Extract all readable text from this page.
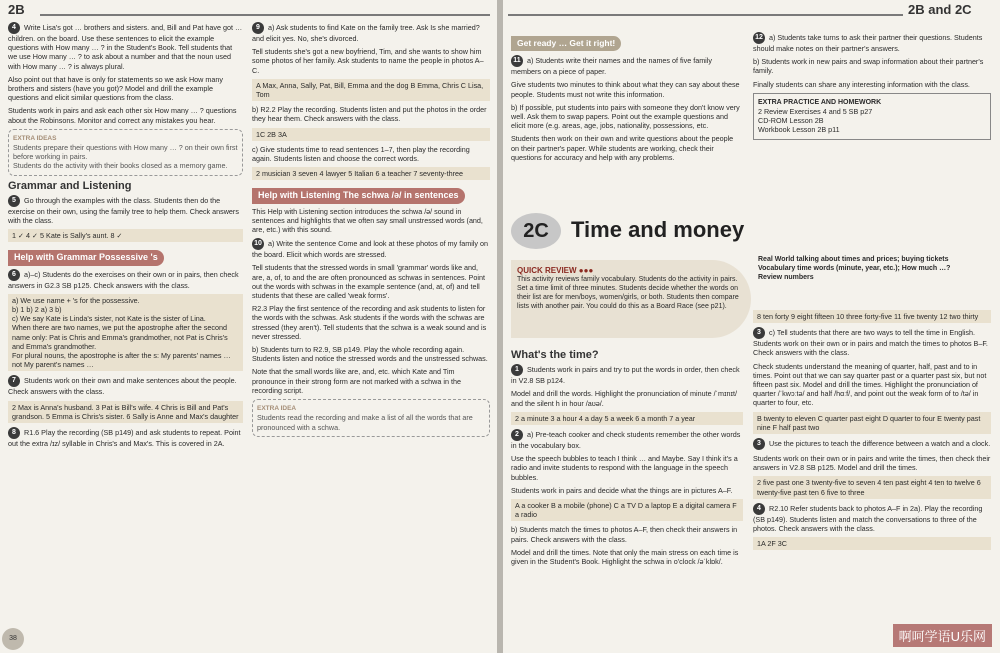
2B

4 Write Lisa's got … brothers and sisters. and, Bill and Pat have got … children. on the board. Use these sentences to elicit the example questions with How many … ? in the Student's Book. Tell students that we use How many … ? to ask about a number and that the noun used with How many … ? is always plural.

Also point out that have is only for statements so we ask How many brothers and sisters (have you got)? Model and drill the example questions and elicit similar questions from the class.

Students work in pairs and ask each other six How many … ? questions about the Robinsons. Monitor and correct any mistakes you hear.

EXTRA IDEAS
Students prepare their questions with How many … ? on their own first before working in pairs.
Students do the activity with their books closed as a memory game.
Grammar and Listening

5 Go through the examples with the class. Students then do the exercise on their own, using the family tree to help them. Check answers with the class.

1 ✓ 4 ✓ 5 Kate is Sally's aunt. 8 ✓
Help with Grammar Possessive 's

6 a)–c) Students do the exercises on their own or in pairs, then check answers in G2.3 SB p125. Check answers with the class.

a) We use name + 's for the possessive.
b) 1 b) 2 a) 3 b)
c) We say Kate is Linda's sister, not Kate is the sister of Lina.
When there are two names, we put the apostrophe after the second name only: Pat is Chris and Emma's grandmother, not Pat is Chris's and Emma's grandmother.
For plural nouns, the apostrophe is after the s: My parents' names … not My parent's names …

7 Students work on their own and make sentences about the people. Check answers with the class.

2 Max is Anna's husband. 3 Pat is Bill's wife. 4 Chris is Bill and Pat's grandson. 5 Emma is Chris's sister. 6 Sally is Anne and Max's daughter

8 R1.6 Play the recording (SB p149) and ask students to repeat. Point out the extra /ɪz/ syllable in Chris's and Max's. This is covered in 2A.

9 a) Ask students to find Kate on the family tree. Ask Is she married? and elicit yes. No, she's divorced.

Tell students she's got a new boyfriend, Tim, and she wants to show him some photos of her family. Ask students to name the people in photos A–C.

A Max, Anna, Sally, Pat, Bill, Emma and the dog B Emma, Chris C Lisa, Tom

b) R2.2 Play the recording. Students listen and put the photos in the order they hear them. Check answers with the class.

1C 2B 3A

c) Give students time to read sentences 1–7, then play the recording again. Students listen and choose the correct words.

2 musician 3 seven 4 lawyer 5 Italian 6 a teacher 7 seventy-three
Help with Listening The schwa /ə/ in sentences

This Help with Listening section introduces the schwa /ə/ sound in sentences and highlights that we often say small unstressed words (and, are, etc.) with this sound.

10 a) Write the sentence Come and look at these photos of my family on the board. Elicit which words are stressed.

Tell students that the stressed words in small 'grammar' words like and, are, a, of, to and the are often pronounced as schwas in sentences. Point out the words with schwas in the example sentence (and, at, of) and tell students that these are called 'weak forms'.

R2.3 Play the first sentence of the recording and ask students to listen for the words with the schwas. Ask students if the words with the schwas are stressed (they aren't). Tell students that the schwa is a weak sound and is never stressed.

b) Students turn to R2.9, SB p149. Play the whole recording again. Students listen and notice the stressed words and the unstressed schwas.

Note that the small words like are, and, etc. which Kate and Tim pronounce in their strong form are not marked with a schwa in the recording script.

EXTRA IDEA
Students read the recording and make a list of all the words that are pronounced with a schwa.
38
2B and 2C
Get ready … Get it right!

11 a) Students write their names and the names of five family members on a piece of paper.

Give students two minutes to think about what they can say about these people. Students must not write this information.

b) If possible, put students into pairs with someone they don't know very well. Ask them to swap papers. Point out the example questions and elicit more (e.g. areas, age, jobs, nationality, possessions, etc.

Students then work on their own and write questions about the people on their partner's paper. While students are working, check their questions for accuracy and help with any problems.

12 a) Students take turns to ask their partner their questions. Students should make notes on their partner's answers.

b) Students work in new pairs and swap information about their partner's family.

Finally students can share any interesting information with the class.

EXTRA PRACTICE AND HOMEWORK
2 Review Exercises 4 and 5 SB p27
CD-ROM Lesson 2B
Workbook Lesson 2B p11
2C	Time and money
Real World talking about times and prices; buying tickets
Vocabulary time words (minute, year, etc.); How much …?
Review numbers
QUICK REVIEW ●●●
This activity reviews family vocabulary. Students do the activity in pairs. Set a time limit of three minutes. Students decide whether the words on their list are for men/boys, women/girls, or both. Students then compare lists with another pair. You could do this as a Board Race (see p21).
What's the time?

1 Students work in pairs and try to put the words in order, then check in V2.8 SB p124.

Model and drill the words. Highlight the pronunciation of minute /ˈmɪnɪt/ and the silent h in hour /aʊə/.

2 a minute 3 a hour 4 a day 5 a week 6 a month 7 a year

2 a) Pre-teach cooker and check students remember the other words in the vocabulary box.

Use the speech bubbles to teach I think … and Maybe. Say I think it's a radio and invite students to respond with the language in the speech bubbles.

Students work in pairs and decide what the things are in pictures A–F.

A a cooker B a mobile (phone) C a TV D a laptop E a digital camera F a radio

b) Students match the times to photos A–F, then check their answers in pairs. Check answers with the class.

Model and drill the times. Note that only the main stress on each time is given in the Student's Book. Highlight the schwa in o'clock /əˈklɒk/.

8 ten forty 9 eight fifteen 10 three forty-five 11 five twenty 12 two thirty

3 c) Tell students that there are two ways to tell the time in English. Students work on their own or in pairs and match the times to photos B–F. Check answers with the class.

Check students understand the meaning of quarter, half, past and to in times. Point out that we can say quarter past or a quarter past six, but not fifteen past six. Model and drill the times. Highlight the pronunciation of quarter /ˈkwɔːtə/ and half /hɑːf/, and point out the weak form of to /tə/ in quarter to four, etc.

B twenty to eleven C quarter past eight D quarter to four E twenty past nine F half past two

3 Use the pictures to teach the difference between a watch and a clock.

Students work on their own or in pairs and write the times, then check their answers in V2.8 SB p125. Model and drill the times.

2 five past one 3 twenty-five to seven 4 ten past eight 4 ten to twelve 6 twenty-five past ten 6 five to three

4 R2.10 Refer students back to photos A–F in 2a). Play the recording (SB p149). Students listen and match the conversations to three of the photos. Check answers with the class.

1A 2F 3C
啊呵学语U乐网
